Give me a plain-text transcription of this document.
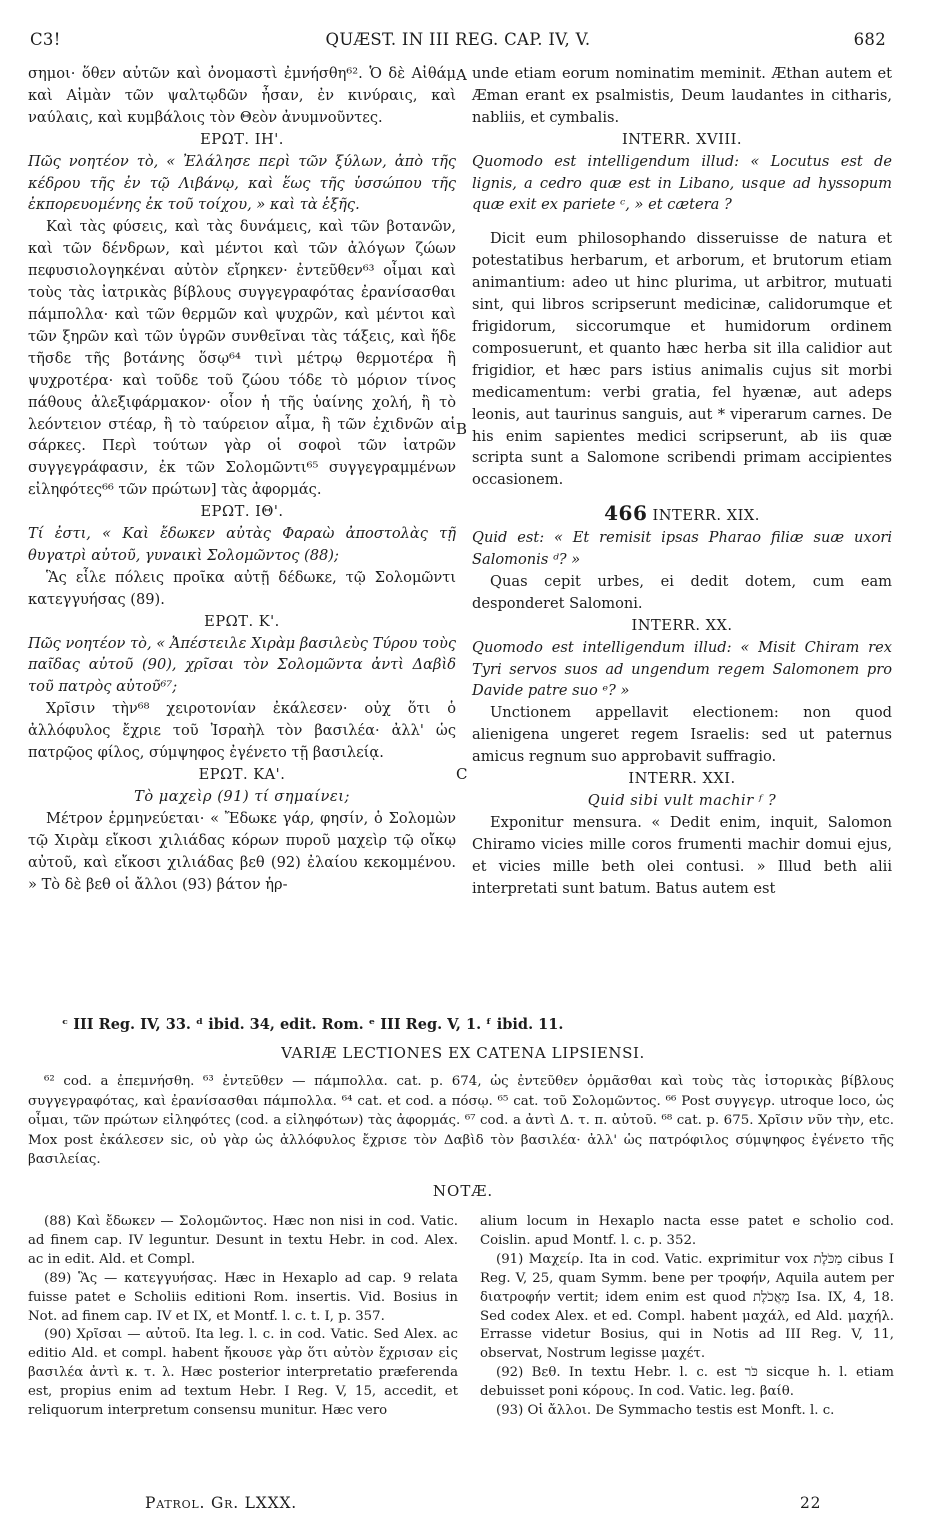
C3!	QUÆST. IN III REG. CAP. IV, V.	682

σημοι· ὅθεν αὐτῶν καὶ ὀνομαστὶ ἐμνήσθη⁶². Ὁ δὲ Αἰθάμ καὶ Αἰμὰν τῶν ψαλτῳδῶν ἦσαν, ἐν κινύραις, καὶ ναύλαις, καὶ κυμβάλοις τὸν Θεὸν ἀνυμνοῦντες.

ΕΡΩΤ. ΙΗ'.

Πῶς νοητέον τὸ, « Ἐλάλησε περὶ τῶν ξύλων, ἀπὸ τῆς κέδρου τῆς ἐν τῷ Λιβάνῳ, καὶ ἕως τῆς ὑσσώπου τῆς ἐκπορευομένης ἐκ τοῦ τοίχου, » καὶ τὰ ἑξῆς.

Καὶ τὰς φύσεις, καὶ τὰς δυνάμεις, καὶ τῶν βοτανῶν, καὶ τῶν δένδρων, καὶ μέντοι καὶ τῶν ἀλόγων ζώων πεφυσιολογηκέναι αὐτὸν εἴρηκεν· ἐντεῦθεν⁶³ οἶμαι καὶ τοὺς τὰς ἰατρικὰς βίβλους συγγεγραφότας ἐρανίσασθαι πάμπολλα· καὶ τῶν θερμῶν καὶ ψυχρῶν, καὶ μέντοι καὶ τῶν ξηρῶν καὶ τῶν ὑγρῶν συνθεῖναι τὰς τάξεις, καὶ ἥδε τῆσδε τῆς βοτάνης ὅσῳ⁶⁴ τινὶ μέτρῳ θερμοτέρα ἢ ψυχροτέρα· καὶ τοῦδε τοῦ ζώου τόδε τὸ μόριον τίνος πάθους ἀλεξιφάρμακον· οἷον ἡ τῆς ὑαίνης χολή, ἢ τὸ λεόντειον στέαρ, ἢ τὸ ταύρειον αἷμα, ἢ τῶν ἐχιδνῶν αἱ σάρκες. Περὶ τούτων γὰρ οἱ σοφοὶ τῶν ἰατρῶν συγγεγράφασιν, ἐκ τῶν Σολομῶντι⁶⁵ συγγεγραμμένων εἰληφότες⁶⁶ τῶν πρώτων] τὰς ἀφορμάς.

ΕΡΩΤ. ΙΘ'.

Τί ἐστι, « Καὶ ἔδωκεν αὐτὰς Φαραὼ ἀποστολὰς τῇ θυγατρὶ αὐτοῦ, γυναικὶ Σολομῶντος (88);

Ἃς εἷλε πόλεις προῖκα αὐτῇ δέδωκε, τῷ Σολομῶντι κατεγγυήσας (89).

ΕΡΩΤ. Κ'.

Πῶς νοητέον τὸ, « Ἀπέστειλε Χιρὰμ βασιλεὺς Τύρου τοὺς παῖδας αὐτοῦ (90), χρῖσαι τὸν Σολομῶντα ἀντὶ Δαβὶδ τοῦ πατρὸς αὐτοῦ⁶⁷;

Χρῖσιν τὴν⁶⁸ χειροτονίαν ἐκάλεσεν· οὐχ ὅτι ὁ ἀλλόφυλος ἔχριε τοῦ Ἰσραὴλ τὸν βασιλέα· ἀλλ' ὡς πατρῷος φίλος, σύμψηφος ἐγένετο τῇ βασιλείᾳ.

ΕΡΩΤ. ΚΑ'.

Τὸ μαχεὶρ (91) τί σημαίνει;

Μέτρον ἑρμηνεύεται· « Ἔδωκε γάρ, φησίν, ὁ Σολομὼν τῷ Χιρὰμ εἴκοσι χιλιάδας κόρων πυροῦ μαχεὶρ τῷ οἴκῳ αὐτοῦ, καὶ εἴκοσι χιλιάδας βεθ (92) ἐλαίου κεκομμένου. » Τὸ δὲ βεθ οἱ ἄλλοι (93) βάτον ἡρ-

A
B
C

unde etiam eorum nominatim meminit. Æthan autem et Æman erant ex psalmistis, Deum laudantes in citharis, nabliis, et cymbalis.

INTERR. XVIII.

Quomodo est intelligendum illud: « Locutus est de lignis, a cedro quæ est in Libano, usque ad hyssopum quæ exit ex pariete ᶜ, » et cætera ?

Dicit eum philosophando disseruisse de natura et potestatibus herbarum, et arborum, et brutorum etiam animantium: adeo ut hinc plurima, ut arbitror, mutuati sint, qui libros scripserunt medicinæ, calidorumque et frigidorum, siccorumque et humidorum ordinem composuerunt, et quanto hæc herba sit illa calidior aut frigidior, et hæc pars istius animalis cujus sit morbi medicamentum: verbi gratia, fel hyænæ, aut adeps leonis, aut taurinus sanguis, aut * viperarum carnes. De his enim sapientes medici scripserunt, ab iis quæ scripta sunt a Salomone scribendi primam accipientes occasionem.

466 INTERR. XIX.

Quid est: « Et remisit ipsas Pharao filiæ suæ uxori Salomonis ᵈ? »

Quas cepit urbes, ei dedit dotem, cum eam desponderet Salomoni.

INTERR. XX.

Quomodo est intelligendum illud: « Misit Chiram rex Tyri servos suos ad ungendum regem Salomonem pro Davide patre suo ᵉ? »

Unctionem appellavit electionem: non quod alienigena ungeret regem Israelis: sed ut paternus amicus regnum suo approbavit suffragio.

INTERR. XXI.

Quid sibi vult machir ᶠ ?

Exponitur mensura. « Dedit enim, inquit, Salomon Chiramo vicies mille coros frumenti machir domui ejus, et vicies mille beth olei contusi. » Illud beth alii interpretati sunt batum. Batus autem est

ᶜ III Reg. IV, 33. ᵈ ibid. 34, edit. Rom. ᵉ III Reg. V, 1. ᶠ ibid. 11.
VARIÆ LECTIONES EX CATENA LIPSIENSI.

⁶² cod. a ἐπεμνήσθη. ⁶³ ἐντεῦθεν — πάμπολλα. cat. p. 674, ὡς ἐντεῦθεν ὁρμᾶσθαι καὶ τοὺς τὰς ἰστορικὰς βίβλους συγγεγραφότας, καὶ ἐρανίσασθαι πάμπολλα. ⁶⁴ cat. et cod. a πόσῳ. ⁶⁵ cat. τοῦ Σολομῶντος. ⁶⁶ Post συγγεγρ. utroque loco, ὡς οἶμαι, τῶν πρώτων εἰληφότες (cod. a εἰληφότων) τὰς ἀφορμάς. ⁶⁷ cod. a ἀντὶ Δ. τ. π. αὐτοῦ. ⁶⁸ cat. p. 675. Χρῖσιν νῦν τὴν, etc. Mox post ἐκάλεσεν sic, οὐ γὰρ ὡς ἀλλόφυλος ἔχρισε τὸν Δαβὶδ τὸν βασιλέα· ἀλλ' ὡς πατρόφιλος σύμψηφος ἐγένετο τῆς βασιλείας.

NOTÆ.

(88) Καὶ ἔδωκεν — Σολομῶντος. Hæc non nisi in cod. Vatic. ad finem cap. IV leguntur. Desunt in textu Hebr. in cod. Alex. ac in edit. Ald. et Compl.

(89) Ἃς — κατεγγυήσας. Hæc in Hexaplo ad cap. 9 relata fuisse patet e Scholiis editioni Rom. insertis. Vid. Bosius in Not. ad finem cap. IV et IX, et Montf. l. c. t. I, p. 357.

(90) Χρῖσαι — αὐτοῦ. Ita leg. l. c. in cod. Vatic. Sed Alex. ac editio Ald. et compl. habent ἤκουσε γὰρ ὅτι αὐτὸν ἔχρισαν εἰς βασιλέα ἀντὶ κ. τ. λ. Hæc posterior interpretatio præferenda est, propius enim ad textum Hebr. I Reg. V, 15, accedit, et reliquorum interpretum consensu munitur. Hæc vero

alium locum in Hexaplo nacta esse patet e scholio cod. Coislin. apud Montf. l. c. p. 352.

(91) Μαχείρ. Ita in cod. Vatic. exprimitur vox מַכֹּלֶת cibus I Reg. V, 25, quam Symm. bene per τροφήν, Aquila autem per διατροφήν vertit; idem enim est quod מַאֲכֹלֶת Isa. IX, 4, 18. Sed codex Alex. et ed. Compl. habent μαχάλ, ed Ald. μαχήλ. Errasse videtur Bosius, qui in Notis ad III Reg. V, 11, observat, Nostrum legisse μαχέτ.

(92) Βεθ. In textu Hebr. l. c. est כֹּר sicque h. l. etiam debuisset poni κόρους. In cod. Vatic. leg. βαίθ.

(93) Οἱ ἄλλοι. De Symmacho testis est Monft. l. c.

Patrol. Gr. LXXX.	22
